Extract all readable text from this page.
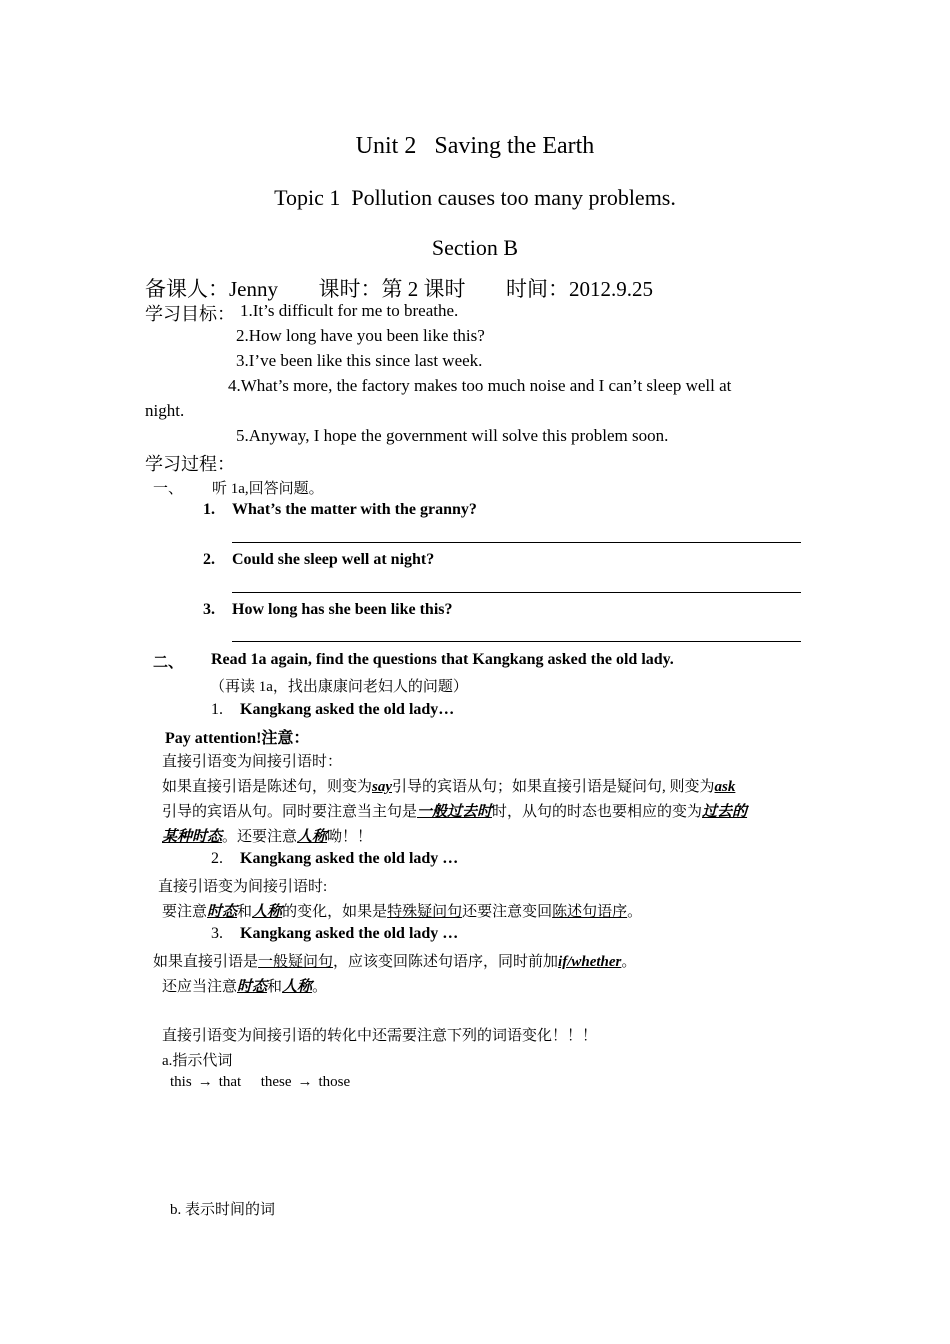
Unit 2   Saving the Earth
Topic 1  Pollution causes too many problems.
Section B
备课人：Jenny 课时：第 2 课时 时间：2012.9.25
学习目标： 1.It’s difficult for me to breathe.
2.How long have you been like this?
3.I’ve been like this since last week.
4.What’s more, the factory makes too much noise and I can’t sleep well at
night.
5.Anyway, I hope the government will solve this problem soon.
学习过程：
一、 听 1a,回答问题。
1. What’s the matter with the granny?
2. Could she sleep well at night?
3. How long has she been like this?
二、 Read 1a again, find the questions that Kangkang asked the old lady.
（再读 1a，找出康康问老妇人的问题）
1. Kangkang asked the old lady…
Pay attention!注意：
直接引语变为间接引语时：
如果直接引语是陈述句，则变为say引导的宾语从句；如果直接引语是疑问句, 则变为ask
引导的宾语从句。同时要注意当主句是一般过去时时，从句的时态也要相应的变为过去的
某种时态。还要注意人称呦！！
2. Kangkang asked the old lady …
直接引语变为间接引语时:
要注意时态和人称的变化，如果是特殊疑问句还要注意变回陈述句语序。
3. Kangkang asked the old lady …
如果直接引语是一般疑问句，应该变回陈述句语序，同时前加if/whether。
还应当注意时态和人称。
直接引语变为间接引语的转化中还需要注意下列的词语变化！！！
a.指示代词
this → that these → those
b. 表示时间的词
